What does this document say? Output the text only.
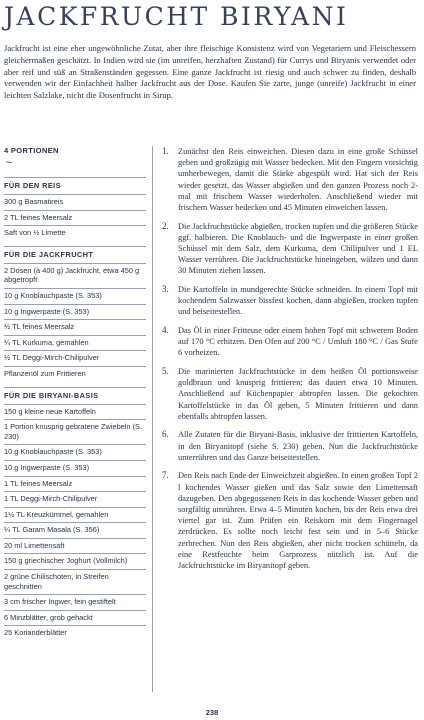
JACKFRUCHT BIRYANI

Jackfrucht ist eine eher ungewöhnliche Zutat, aber ihre fleischige Konsistenz wird von Vegetariern und Fleischessern gleichermaßen geschätzt. In Indien wird sie (im unreifen, herzhaften Zustand) für Currys und Biryanis verwendet oder aber reif und süß an Straßenständen gegessen. Eine ganze Jackfrucht ist riesig und auch schwer zu finden, deshalb verwenden wir der Einfachheit halber Jackfrucht aus der Dose. Kaufen Sie zarte, junge (unreife) Jackfrucht in einer leichten Salzlake, nicht die Dosenfrucht in Sirup.

4 PORTIONEN
~
FÜR DEN REIS
300 g Basmatireis
2 TL feines Meersalz
Saft von ½ Limette
FÜR DIE JACKFRUCHT
2 Dosen (à 400 g) Jackfrucht, etwa 450 g abgetropft
10 g Knoblauchpaste (S. 353)
10 g Ingwerpaste (S. 353)
½ TL feines Meersalz
¼ TL Kurkuma, gemahlen
½ TL Deggi-Mirch-Chilipulver
Pflanzenöl zum Frittieren
FÜR DIE BIRYANI-BASIS
150 g kleine neue Kartoffeln
1 Portion knusprig gebratene Zwiebeln (S. 230)
10 g Knoblauchpaste (S. 353)
10 g Ingwerpaste (S. 353)
1 TL feines Meersalz
1 TL Deggi-Mirch-Chilipulver
1½ TL Kreuzkümmel, gemahlen
¼ TL Garam Masala (S. 356)
20 ml Limettensaft
150 g griechischer Joghurt (Vollmilch)
2 grüne Chilischoten, in Streifen geschnitten
3 cm frischer Ingwer, fein gestiftelt
6 Minzblätter, grob gehackt
25 Korianderblätter
1. Zunächst den Reis einweichen. Diesen dazu in eine große Schüssel geben und großzügig mit Wasser bedecken. Mit den Fingern vorsichtig umherbewegen, damit die Stärke abgespült wird. Hat sich der Reis wieder gesetzt, das Wasser abgießen und den ganzen Prozess noch 2-mal mit frischem Wasser wiederholen. Anschließend wieder mit frischem Wasser bedecken und 45 Minuten einweichen lassen.
2. Die Jackfruchtstücke abgießen, trocken tupfen und die größeren Stücke ggf. halbieren. Die Knoblauch- und die Ingwerpaste in einer großen Schüssel mit dem Salz, dem Kurkuma, dem Chilipulver und 1 EL Wasser verrühren. Die Jackfruchtstücke hineingeben, wälzen und dann 30 Minuten ziehen lassen.
3. Die Kartoffeln in mundgerechte Stücke schneiden. In einem Topf mit kochendem Salzwasser bissfest kochen, dann abgießen, trocken tupfen und beiseitestellen.
4. Das Öl in einer Fritteuse oder einem hohen Topf mit schwerem Boden auf 170 °C erhitzen. Den Ofen auf 200 °C / Umluft 180 °C / Gas Stufe 6 vorheizen.
5. Die marinierten Jackfruchtstücke in dem heißen Öl portionsweise goldbraun und knusprig frittieren; das dauert etwa 10 Minuten. Anschließend auf Küchenpapier abtropfen lassen. Die gekochten Kartoffelstücke in das Öl geben, 5 Minuten frittieren und dann ebenfalls abtropfen lassen.
6. Alle Zutaten für die Biryani-Basis, inklusive der frittierten Kartoffeln, in den Biryanitopf (siehe S. 230) geben. Nun die Jackfruchtstücke unterrühren und das Ganze beiseitestellen.
7. Den Reis nach Ende der Einweichzeit abgießen. In einen großen Topf 2 l kochendes Wasser gießen und das Salz sowie den Limettensaft dazugeben. Den abgegossenen Reis in das kochende Wasser geben und sorgfältig umrühren. Etwa 4–5 Minuten kochen, bis der Reis etwa drei viertel gar ist. Zum Prüfen ein Reiskorn mit dem Fingernagel zerdrücken. Es sollte noch leicht fest sein und in 5–6 Stücke zerbrechen. Nun den Reis abgießen, aber nicht trocken schütteln, da eine Restfeuchte beim Garprozess nützlich ist. Auf die Jackfruchtstücke im Biryanitopf geben.
238
